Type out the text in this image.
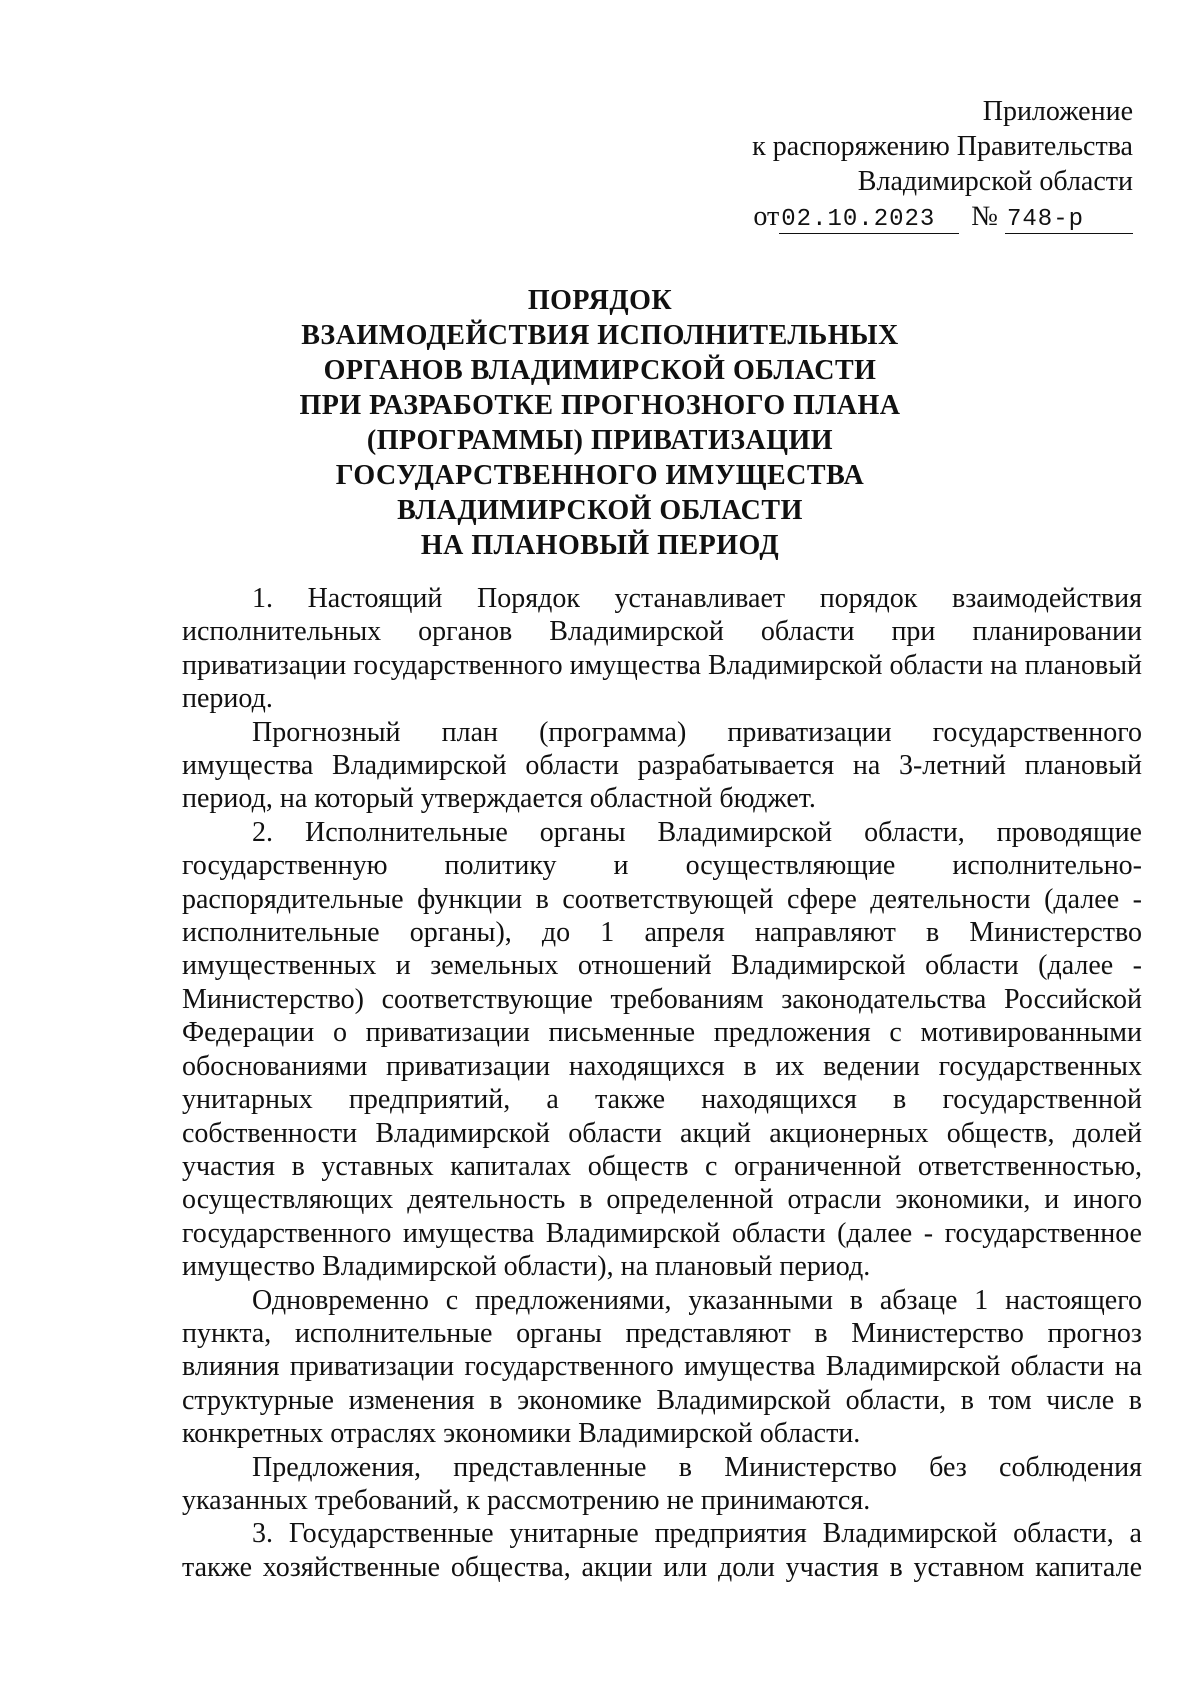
Приложение
к распоряжению Правительства
Владимирской области
от02.10.2023 № 748-р
ПОРЯДОК
ВЗАИМОДЕЙСТВИЯ ИСПОЛНИТЕЛЬНЫХ
ОРГАНОВ ВЛАДИМИРСКОЙ ОБЛАСТИ
ПРИ РАЗРАБОТКЕ ПРОГНОЗНОГО ПЛАНА
(ПРОГРАММЫ) ПРИВАТИЗАЦИИ
ГОСУДАРСТВЕННОГО ИМУЩЕСТВА
ВЛАДИМИРСКОЙ ОБЛАСТИ
НА ПЛАНОВЫЙ ПЕРИОД

1. Настоящий Порядок устанавливает порядок взаимодействия исполнительных органов Владимирской области при планировании приватизации государственного имущества Владимирской области на плановый период.

Прогнозный план (программа) приватизации государственного имущества Владимирской области разрабатывается на 3-летний плановый период, на который утверждается областной бюджет.

2. Исполнительные органы Владимирской области, проводящие государственную политику и осуществляющие исполнительно-распорядительные функции в соответствующей сфере деятельности (далее - исполнительные органы), до 1 апреля направляют в Министерство имущественных и земельных отношений Владимирской области (далее - Министерство) соответствующие требованиям законодательства Российской Федерации о приватизации письменные предложения с мотивированными обоснованиями приватизации находящихся в их ведении государственных унитарных предприятий, а также находящихся в государственной собственности Владимирской области акций акционерных обществ, долей участия в уставных капиталах обществ с ограниченной ответственностью, осуществляющих деятельность в определенной отрасли экономики, и иного государственного имущества Владимирской области (далее - государственное имущество Владимирской области), на плановый период.

Одновременно с предложениями, указанными в абзаце 1 настоящего пункта, исполнительные органы представляют в Министерство прогноз влияния приватизации государственного имущества Владимирской области на структурные изменения в экономике Владимирской области, в том числе в конкретных отраслях экономики Владимирской области.

Предложения, представленные в Министерство без соблюдения указанных требований, к рассмотрению не принимаются.

3. Государственные унитарные предприятия Владимирской области, а также хозяйственные общества, акции или доли участия в уставном капитале
